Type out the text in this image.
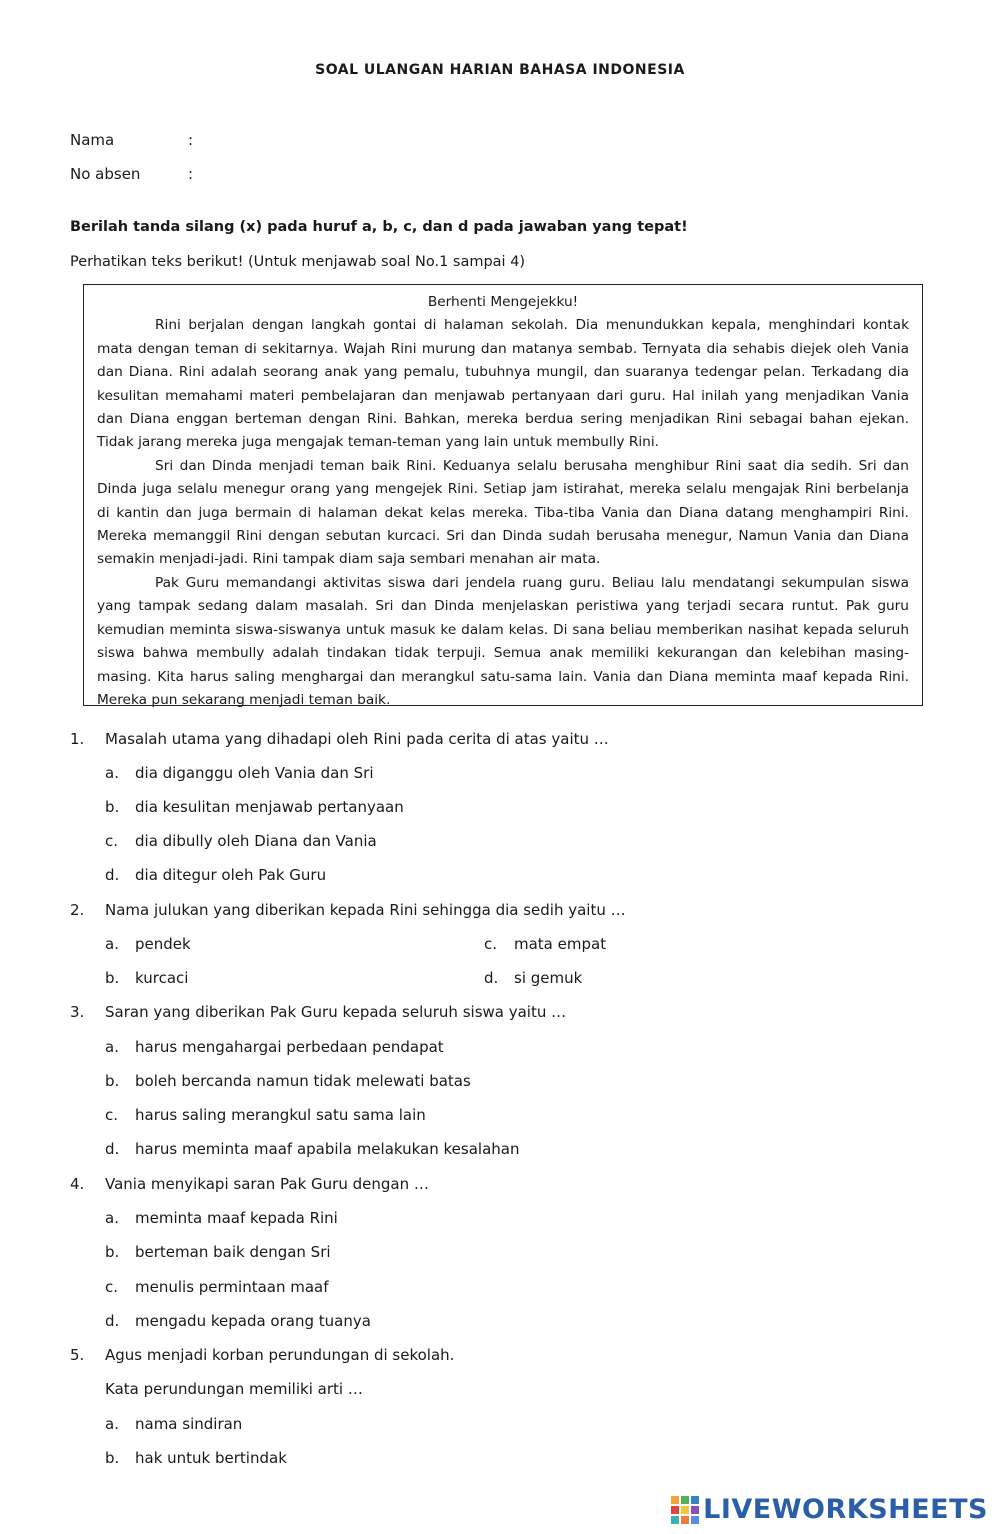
SOAL ULANGAN HARIAN BAHASA INDONESIA
Nama	:
No absen	:
Berilah tanda silang (x) pada huruf a, b, c, dan d pada jawaban yang tepat!
Perhatikan teks berikut! (Untuk menjawab soal No.1 sampai 4)
Berhenti Mengejekku!

Rini berjalan dengan langkah gontai di halaman sekolah. Dia menundukkan kepala, menghindari kontak mata dengan teman di sekitarnya. Wajah Rini murung dan matanya sembab. Ternyata dia sehabis diejek oleh Vania dan Diana. Rini adalah seorang anak yang pemalu, tubuhnya mungil, dan suaranya tedengar pelan. Terkadang dia kesulitan memahami materi pembelajaran dan menjawab pertanyaan dari guru. Hal inilah yang menjadikan Vania dan Diana enggan berteman dengan Rini. Bahkan, mereka berdua sering menjadikan Rini sebagai bahan ejekan. Tidak jarang mereka juga mengajak teman-teman yang lain untuk membully Rini.

Sri dan Dinda menjadi teman baik Rini. Keduanya selalu berusaha menghibur Rini saat dia sedih. Sri dan Dinda juga selalu menegur orang yang mengejek Rini. Setiap jam istirahat, mereka selalu mengajak Rini berbelanja di kantin dan juga bermain di halaman dekat kelas mereka. Tiba-tiba Vania dan Diana datang menghampiri Rini. Mereka memanggil Rini dengan sebutan kurcaci. Sri dan Dinda sudah berusaha menegur, Namun Vania dan Diana semakin menjadi-jadi. Rini tampak diam saja sembari menahan air mata.

Pak Guru memandangi aktivitas siswa dari jendela ruang guru. Beliau lalu mendatangi sekumpulan siswa yang tampak sedang dalam masalah. Sri dan Dinda menjelaskan peristiwa yang terjadi secara runtut. Pak guru kemudian meminta siswa-siswanya untuk masuk ke dalam kelas. Di sana beliau memberikan nasihat kepada seluruh siswa bahwa membully adalah tindakan tidak terpuji. Semua anak memiliki kekurangan dan kelebihan masing-masing. Kita harus saling menghargai dan merangkul satu-sama lain. Vania dan Diana meminta maaf kepada Rini. Mereka pun sekarang menjadi teman baik.

1. Masalah utama yang dihadapi oleh Rini pada cerita di atas yaitu …
a. dia diganggu oleh Vania dan Sri
b. dia kesulitan menjawab pertanyaan
c. dia dibully oleh Diana dan Vania
d. dia ditegur oleh Pak Guru
2. Nama julukan yang diberikan kepada Rini sehingga dia sedih yaitu …
a. pendek	c. mata empat
b. kurcaci	d. si gemuk
3. Saran yang diberikan Pak Guru kepada seluruh siswa yaitu …
a. harus mengahargai perbedaan pendapat
b. boleh bercanda namun tidak melewati batas
c. harus saling merangkul satu sama lain
d. harus meminta maaf apabila melakukan kesalahan
4. Vania menyikapi saran Pak Guru dengan …
a. meminta maaf kepada Rini
b. berteman baik dengan Sri
c. menulis permintaan maaf
d. mengadu kepada orang tuanya
5. Agus menjadi korban perundungan di sekolah.
Kata perundungan memiliki arti …
a. nama sindiran
b. hak untuk bertindak
LIVEWORKSHEETS
